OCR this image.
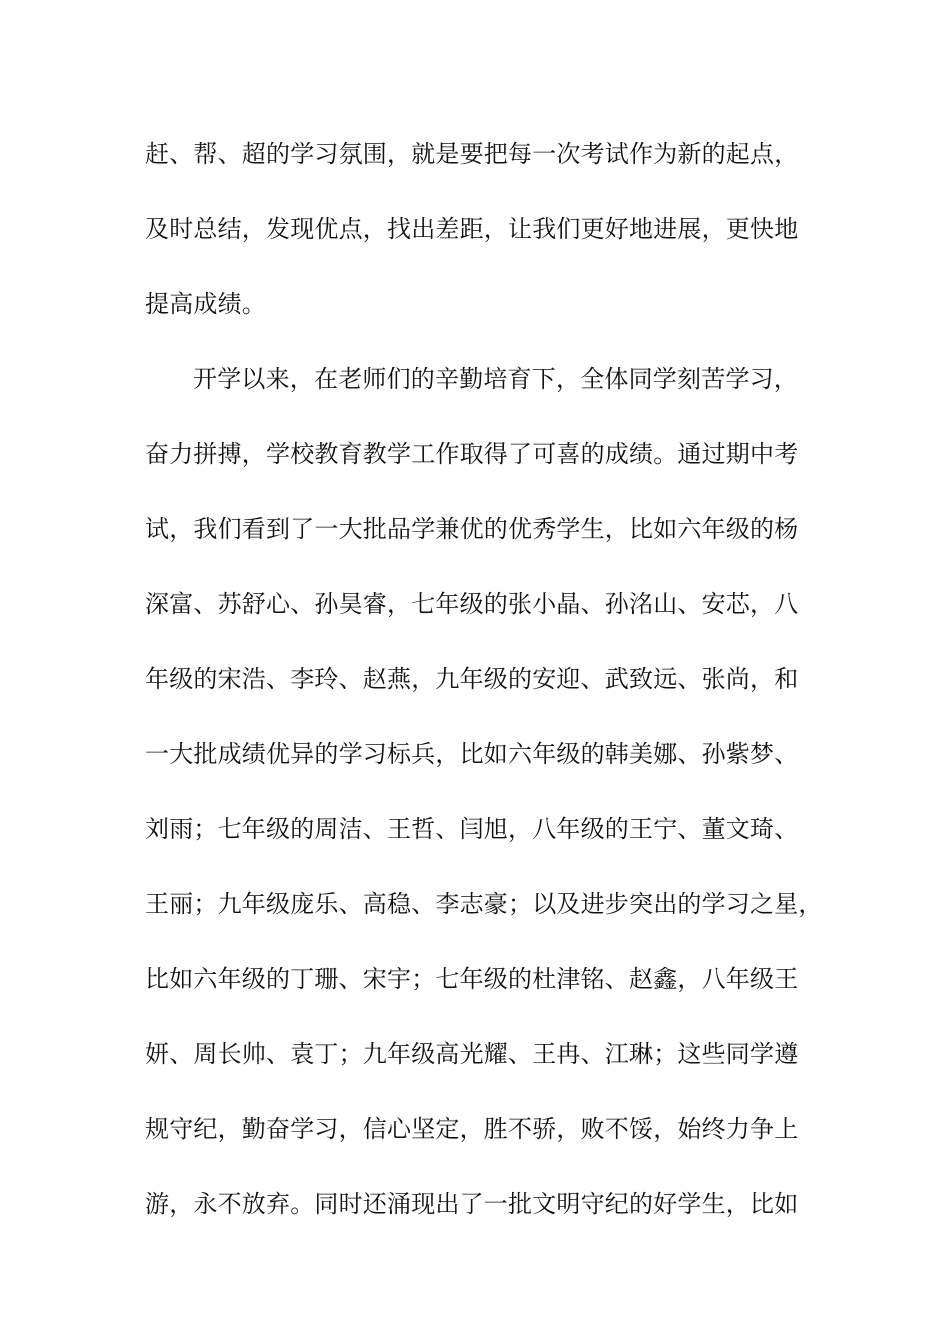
赶、帮、超的学习氛围，就是要把每一次考试作为新的起点，
及时总结，发现优点，找出差距，让我们更好地进展，更快地
提高成绩。
开学以来，在老师们的辛勤培育下，全体同学刻苦学习，
奋力拼搏，学校教育教学工作取得了可喜的成绩。通过期中考
试，我们看到了一大批品学兼优的优秀学生，比如六年级的杨
深富、苏舒心、孙昊睿，七年级的张小晶、孙洺山、安芯，八
年级的宋浩、李玲、赵燕，九年级的安迎、武致远、张尚，和
一大批成绩优异的学习标兵，比如六年级的韩美娜、孙紫梦、
刘雨；七年级的周洁、王哲、闫旭，八年级的王宁、董文琦、
王丽；九年级庞乐、高稳、李志豪；以及进步突出的学习之星，
比如六年级的丁珊、宋宇；七年级的杜津铭、赵鑫，八年级王
妍、周长帅、袁丁；九年级高光耀、王冉、江琳；这些同学遵
规守纪，勤奋学习，信心坚定，胜不骄，败不馁，始终力争上
游，永不放弃。同时还涌现出了一批文明守纪的好学生，比如
